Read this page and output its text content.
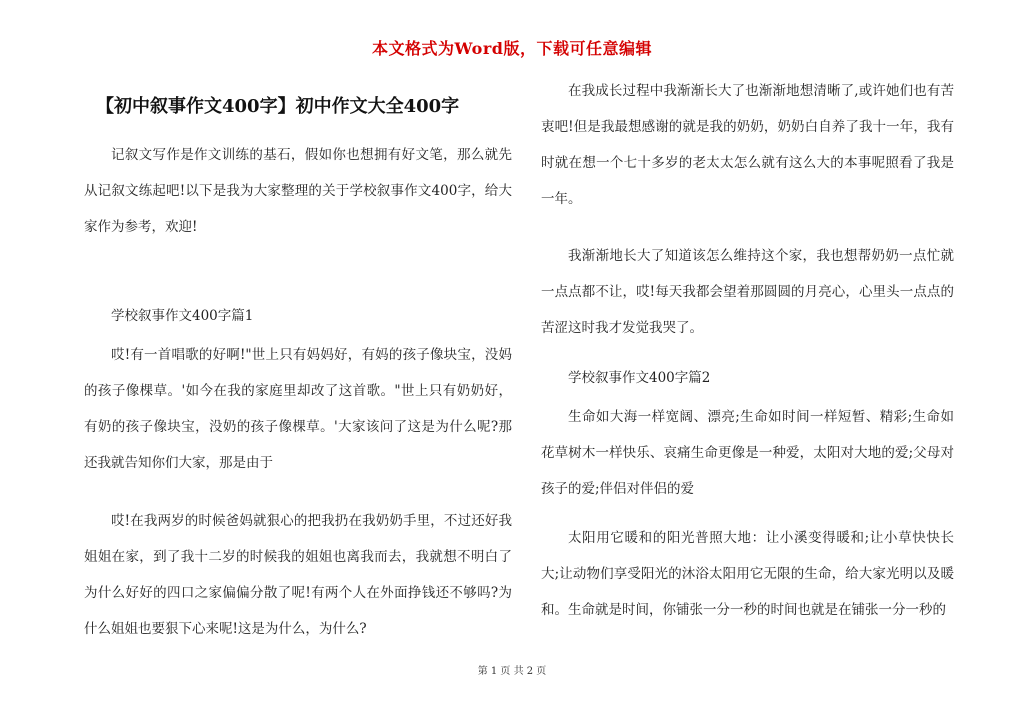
本文格式为Word版，下载可任意编辑
【初中叙事作文400字】初中作文大全400字

记叙文写作是作文训练的基石，假如你也想拥有好文笔，那么就先从记叙文练起吧!以下是我为大家整理的关于学校叙事作文400字，给大家作为参考，欢迎!

学校叙事作文400字篇1

哎!有一首唱歌的好啊!"世上只有妈妈好，有妈的孩子像块宝，没妈的孩子像棵草。'如今在我的家庭里却改了这首歌。"世上只有奶奶好，有奶的孩子像块宝，没奶的孩子像棵草。'大家该问了这是为什么呢?那还我就告知你们大家，那是由于

哎!在我两岁的时候爸妈就狠心的把我扔在我奶奶手里，不过还好我姐姐在家，到了我十二岁的时候我的姐姐也离我而去，我就想不明白了为什么好好的四口之家偏偏分散了呢!有两个人在外面挣钱还不够吗?为什么姐姐也要狠下心来呢!这是为什么，为什么?

在我成长过程中我渐渐长大了也渐渐地想清晰了,或许她们也有苦衷吧!但是我最想感谢的就是我的奶奶，奶奶白自养了我十一年，我有时就在想一个七十多岁的老太太怎么就有这么大的本事呢照看了我是一年。

我渐渐地长大了知道该怎么维持这个家，我也想帮奶奶一点忙就一点点都不让，哎!每天我都会望着那圆圆的月亮心，心里头一点点的苦涩这时我才发觉我哭了。

学校叙事作文400字篇2

生命如大海一样宽阔、漂亮;生命如时间一样短暂、精彩;生命如花草树木一样快乐、哀痛生命更像是一种爱，太阳对大地的爱;父母对孩子的爱;伴侣对伴侣的爱

太阳用它暖和的阳光普照大地：让小溪变得暖和;让小草快快长大;让动物们享受阳光的沐浴太阳用它无限的生命，给大家光明以及暖和。生命就是时间，你铺张一分一秒的时间也就是在铺张一分一秒的

第 1 页 共 2 页
